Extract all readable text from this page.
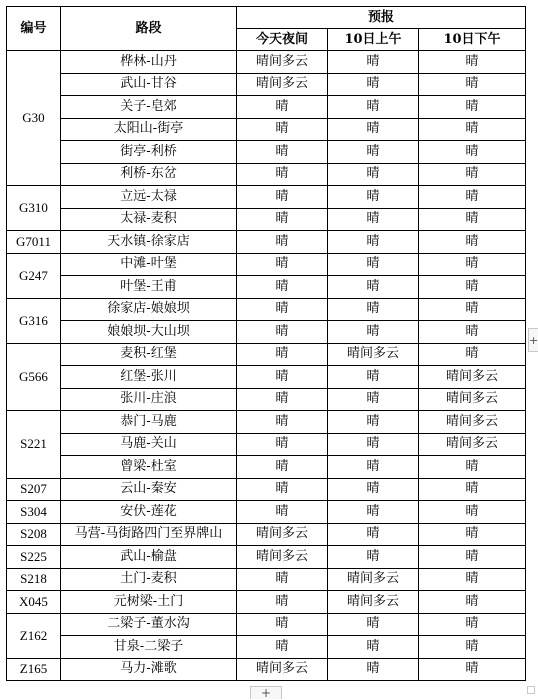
编号	路段	预报		
		今天夜间	10日上午	10日下午
G30	桦林-山丹	晴间多云	晴	晴
	武山-甘谷	晴间多云	晴	晴
	关子-皂郊	晴	晴	晴
	太阳山-街亭	晴	晴	晴
	街亭-利桥	晴	晴	晴
	利桥-东岔	晴	晴	晴
G310	立远-太禄	晴	晴	晴
	太禄-麦积	晴	晴	晴
G7011	天水镇-徐家店	晴	晴	晴
G247	中滩-叶堡	晴	晴	晴
	叶堡-王甫	晴	晴	晴
G316	徐家店-娘娘坝	晴	晴	晴
	娘娘坝-大山坝	晴	晴	晴
G566	麦积-红堡	晴	晴间多云	晴
	红堡-张川	晴	晴	晴间多云
	张川-庄浪	晴	晴	晴间多云
S221	恭门-马鹿	晴	晴	晴间多云
	马鹿-关山	晴	晴	晴间多云
	曾梁-杜室	晴	晴	晴
S207	云山-秦安	晴	晴	晴
S304	安伏-莲花	晴	晴	晴
S208	马营-马街路四门至界牌山	晴间多云	晴	晴
S225	武山-榆盘	晴间多云	晴	晴
S218	土门-麦积	晴	晴间多云	晴
X045	元树梁-土门	晴	晴间多云	晴
Z162	二梁子-董水沟	晴	晴	晴
	甘泉-二梁子	晴	晴	晴
Z165	马力-滩歌	晴间多云	晴	晴
+
+
